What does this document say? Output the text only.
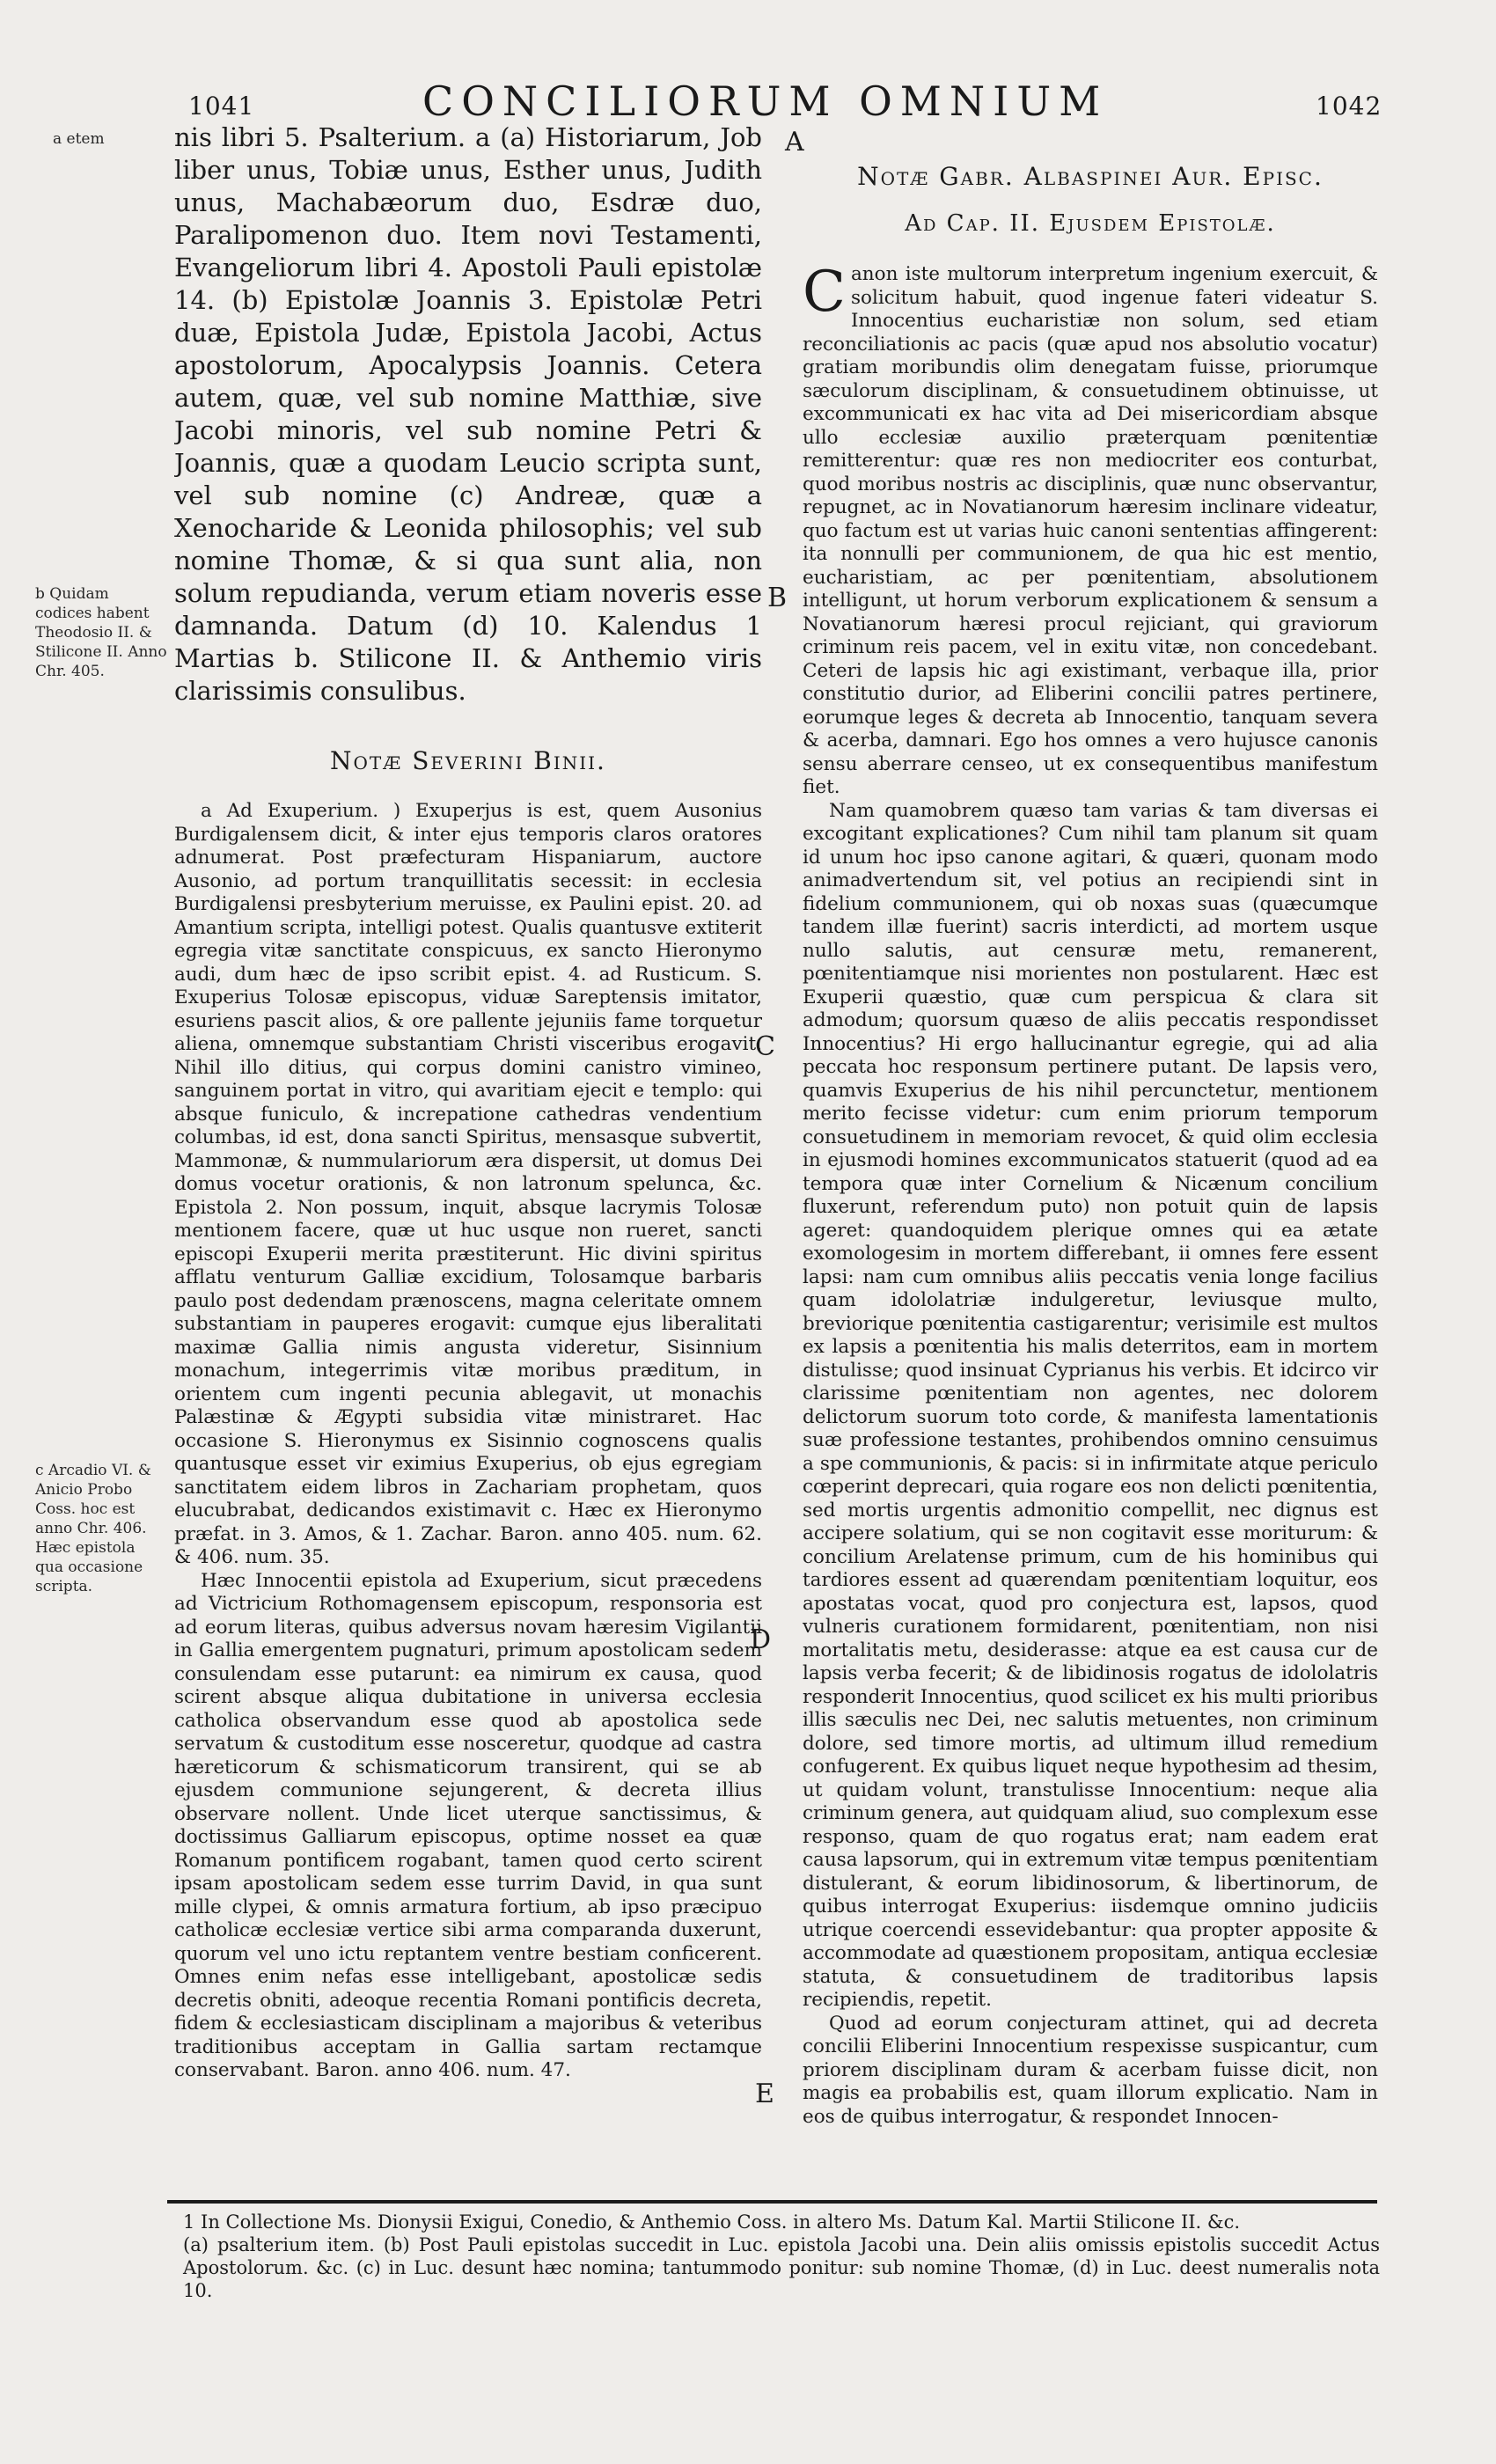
1041	CONCILIORUM OMNIUM	1042
a etem
b Quidam codices habent Theodosio II. & Stilicone II. Anno Chr. 405.
c Arcadio VI. & Anicio Probo Coss. hoc est anno Chr. 406. Hæc epistola qua occasione scripta.
A
B
C
D
E
nis libri 5. Psalterium. a (a) Historiarum, Job liber unus, Tobiæ unus, Esther unus, Judith unus, Machabæorum duo, Esdræ duo, Paralipomenon duo. Item novi Testamenti, Evangeliorum libri 4. Apostoli Pauli epistolæ 14. (b) Epistolæ Joannis 3. Epistolæ Petri duæ, Epistola Judæ, Epistola Jacobi, Actus apostolorum, Apocalypsis Joannis. Cetera autem, quæ, vel sub nomine Matthiæ, sive Jacobi minoris, vel sub nomine Petri & Joannis, quæ a quodam Leucio scripta sunt, vel sub nomine (c) Andreæ, quæ a Xenocharide & Leonida philosophis; vel sub nomine Thomæ, & si qua sunt alia, non solum repudianda, verum etiam noveris esse damnanda. Datum (d) 10. Kalendus 1 Martias b. Stilicone II. & Anthemio viris clarissimis consulibus.
Notæ Severini Binii.

a Ad Exuperium. ) Exuperjus is est, quem Ausonius Burdigalensem dicit, & inter ejus temporis claros oratores adnumerat. Post præfecturam Hispaniarum, auctore Ausonio, ad portum tranquillitatis secessit: in ecclesia Burdigalensi presbyterium meruisse, ex Paulini epist. 20. ad Amantium scripta, intelligi potest. Qualis quantusve extiterit egregia vitæ sanctitate conspicuus, ex sancto Hieronymo audi, dum hæc de ipso scribit epist. 4. ad Rusticum. S. Exuperius Tolosæ episcopus, viduæ Sareptensis imitator, esuriens pascit alios, & ore pallente jejuniis fame torquetur aliena, omnemque substantiam Christi visceribus erogavit. Nihil illo ditius, qui corpus domini canistro vimineo, sanguinem portat in vitro, qui avaritiam ejecit e templo: qui absque funiculo, & increpatione cathedras vendentium columbas, id est, dona sancti Spiritus, mensasque subvertit, Mammonæ, & nummulariorum æra dispersit, ut domus Dei domus vocetur orationis, & non latronum spelunca, &c. Epistola 2. Non possum, inquit, absque lacrymis Tolosæ mentionem facere, quæ ut huc usque non rueret, sancti episcopi Exuperii merita præstiterunt. Hic divini spiritus afflatu venturum Galliæ excidium, Tolosamque barbaris paulo post dedendam prænoscens, magna celeritate omnem substantiam in pauperes erogavit: cumque ejus liberalitati maximæ Gallia nimis angusta videretur, Sisinnium monachum, integerrimis vitæ moribus præditum, in orientem cum ingenti pecunia ablegavit, ut monachis Palæstinæ & Ægypti subsidia vitæ ministraret. Hac occasione S. Hieronymus ex Sisinnio cognoscens qualis quantusque esset vir eximius Exuperius, ob ejus egregiam sanctitatem eidem libros in Zachariam prophetam, quos elucubrabat, dedicandos existimavit c. Hæc ex Hieronymo præfat. in 3. Amos, & 1. Zachar. Baron. anno 405. num. 62. & 406. num. 35.

Hæc Innocentii epistola ad Exuperium, sicut præcedens ad Victricium Rothomagensem episcopum, responsoria est ad eorum literas, quibus adversus novam hæresim Vigilantii in Gallia emergentem pugnaturi, primum apostolicam sedem consulendam esse putarunt: ea nimirum ex causa, quod scirent absque aliqua dubitatione in universa ecclesia catholica observandum esse quod ab apostolica sede servatum & custoditum esse nosceretur, quodque ad castra hæreticorum & schismaticorum transirent, qui se ab ejusdem communione sejungerent, & decreta illius observare nollent. Unde licet uterque sanctissimus, & doctissimus Galliarum episcopus, optime nosset ea quæ Romanum pontificem rogabant, tamen quod certo scirent ipsam apostolicam sedem esse turrim David, in qua sunt mille clypei, & omnis armatura fortium, ab ipso præcipuo catholicæ ecclesiæ vertice sibi arma comparanda duxerunt, quorum vel uno ictu reptantem ventre bestiam conficerent. Omnes enim nefas esse intelligebant, apostolicæ sedis decretis obniti, adeoque recentia Romani pontificis decreta, fidem & ecclesiasticam disciplinam a majoribus & veteribus traditionibus acceptam in Gallia sartam rectamque conservabant. Baron. anno 406. num. 47.

Notæ Gabr. Albaspinei Aur. Episc.
Ad Cap. II. Ejusdem Epistolæ.

Canon iste multorum interpretum ingenium exercuit, & solicitum habuit, quod ingenue fateri videatur S. Innocentius eucharistiæ non solum, sed etiam reconciliationis ac pacis (quæ apud nos absolutio vocatur) gratiam moribundis olim denegatam fuisse, priorumque sæculorum disciplinam, & consuetudinem obtinuisse, ut excommunicati ex hac vita ad Dei misericordiam absque ullo ecclesiæ auxilio præterquam pœnitentiæ remitterentur: quæ res non mediocriter eos conturbat, quod moribus nostris ac disciplinis, quæ nunc observantur, repugnet, ac in Novatianorum hæresim inclinare videatur, quo factum est ut varias huic canoni sententias affingerent: ita nonnulli per communionem, de qua hic est mentio, eucharistiam, ac per pœnitentiam, absolutionem intelligunt, ut horum verborum explicationem & sensum a Novatianorum hæresi procul rejiciant, qui graviorum criminum reis pacem, vel in exitu vitæ, non concedebant. Ceteri de lapsis hic agi existimant, verbaque illa, prior constitutio durior, ad Eliberini concilii patres pertinere, eorumque leges & decreta ab Innocentio, tanquam severa & acerba, damnari. Ego hos omnes a vero hujusce canonis sensu aberrare censeo, ut ex consequentibus manifestum fiet.

Nam quamobrem quæso tam varias & tam diversas ei excogitant explicationes? Cum nihil tam planum sit quam id unum hoc ipso canone agitari, & quæri, quonam modo animadvertendum sit, vel potius an recipiendi sint in fidelium communionem, qui ob noxas suas (quæcumque tandem illæ fuerint) sacris interdicti, ad mortem usque nullo salutis, aut censuræ metu, remanerent, pœnitentiamque nisi morientes non postularent. Hæc est Exuperii quæstio, quæ cum perspicua & clara sit admodum; quorsum quæso de aliis peccatis respondisset Innocentius? Hi ergo hallucinantur egregie, qui ad alia peccata hoc responsum pertinere putant. De lapsis vero, quamvis Exuperius de his nihil percunctetur, mentionem merito fecisse videtur: cum enim priorum temporum consuetudinem in memoriam revocet, & quid olim ecclesia in ejusmodi homines excommunicatos statuerit (quod ad ea tempora quæ inter Cornelium & Nicænum concilium fluxerunt, referendum puto) non potuit quin de lapsis ageret: quandoquidem plerique omnes qui ea ætate exomologesim in mortem differebant, ii omnes fere essent lapsi: nam cum omnibus aliis peccatis venia longe facilius quam idololatriæ indulgeretur, leviusque multo, breviorique pœnitentia castigarentur; verisimile est multos ex lapsis a pœnitentia his malis deterritos, eam in mortem distulisse; quod insinuat Cyprianus his verbis. Et idcirco vir clarissime pœnitentiam non agentes, nec dolorem delictorum suorum toto corde, & manifesta lamentationis suæ professione testantes, prohibendos omnino censuimus a spe communionis, & pacis: si in infirmitate atque periculo cœperint deprecari, quia rogare eos non delicti pœnitentia, sed mortis urgentis admonitio compellit, nec dignus est accipere solatium, qui se non cogitavit esse moriturum: & concilium Arelatense primum, cum de his hominibus qui tardiores essent ad quærendam pœnitentiam loquitur, eos apostatas vocat, quod pro conjectura est, lapsos, quod vulneris curationem formidarent, pœnitentiam, non nisi mortalitatis metu, desiderasse: atque ea est causa cur de lapsis verba fecerit; & de libidinosis rogatus de idololatris responderit Innocentius, quod scilicet ex his multi prioribus illis sæculis nec Dei, nec salutis metuentes, non criminum dolore, sed timore mortis, ad ultimum illud remedium confugerent. Ex quibus liquet neque hypothesim ad thesim, ut quidam volunt, transtulisse Innocentium: neque alia criminum genera, aut quidquam aliud, suo complexum esse responso, quam de quo rogatus erat; nam eadem erat causa lapsorum, qui in extremum vitæ tempus pœnitentiam distulerant, & eorum libidinosorum, & libertinorum, de quibus interrogat Exuperius: iisdemque omnino judiciis utrique coercendi essevidebantur: qua propter apposite & accommodate ad quæstionem propositam, antiqua ecclesiæ statuta, & consuetudinem de traditoribus lapsis recipiendis, repetit.

Quod ad eorum conjecturam attinet, qui ad decreta concilii Eliberini Innocentium respexisse suspicantur, cum priorem disciplinam duram & acerbam fuisse dicit, non magis ea probabilis est, quam illorum explicatio. Nam in eos de quibus interrogatur, & respondet Innocen-

1 In Collectione Ms. Dionysii Exigui, Conedio, & Anthemio Coss. in altero Ms. Datum Kal. Martii Stilicone II. &c.

(a) psalterium item. (b) Post Pauli epistolas succedit in Luc. epistola Jacobi una. Dein aliis omissis epistolis succedit Actus Apostolorum. &c. (c) in Luc. desunt hæc nomina; tantummodo ponitur: sub nomine Thomæ, (d) in Luc. deest numeralis nota 10.
